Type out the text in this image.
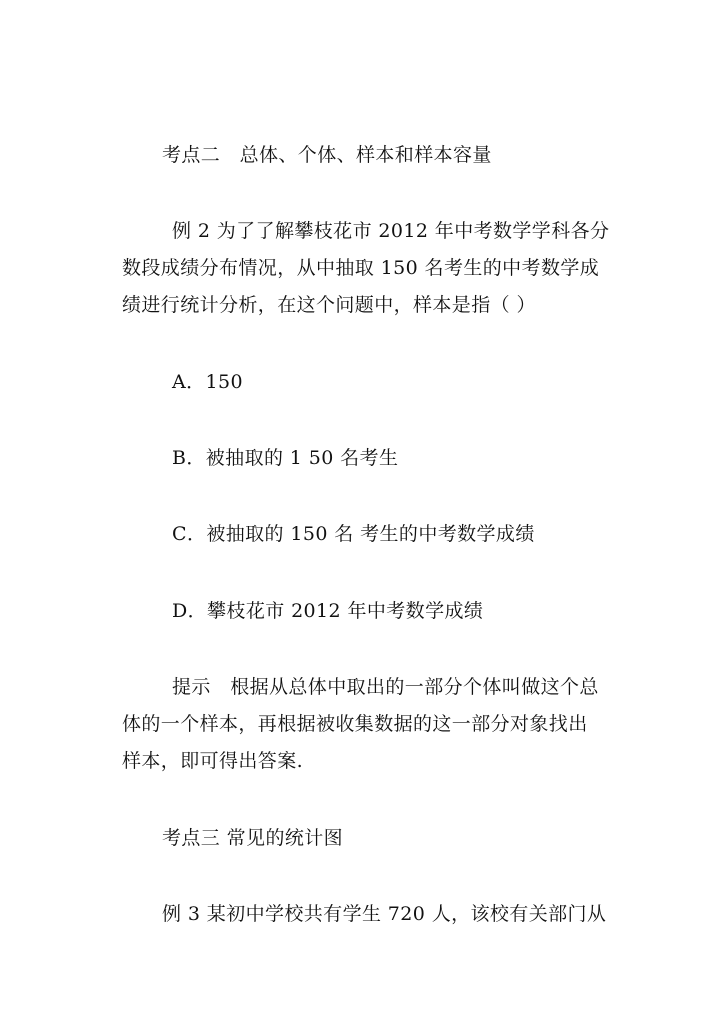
考点二　总体、个体、样本和样本容量
例 2 为了了解攀枝花市 2012 年中考数学学科各分
数段成绩分布情况，从中抽取 150 名考生的中考数学成
绩进行统计分析，在这个问题中，样本是指（ ）
A．150
B．被抽取的 1 50 名考生
C．被抽取的 150 名 考生的中考数学成绩
D．攀枝花市 2012 年中考数学成绩
提示　根据从总体中取出的一部分个体叫做这个总
体的一个样本，再根据被收集数据的这一部分对象找出
样本，即可得出答案.
考点三 常见的统计图
例 3 某初中学校共有学生 720 人，该校有关部门从
